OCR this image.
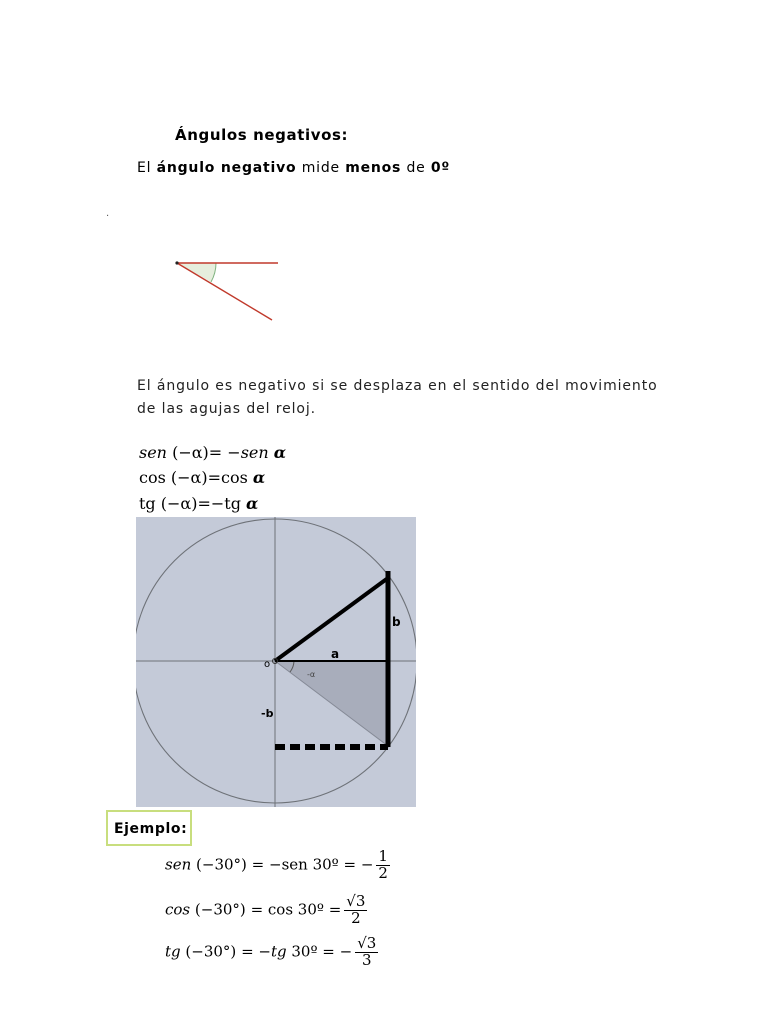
Ángulos negativos:
El ángulo negativo mide menos de 0º
.
El ángulo es negativo si se desplaza en el sentido del movimiento
de las agujas del reloj.
sen (−α)= −sen α
cos (−α)=cos α
tg (−α)=−tg α
b
a
-b
o
-α
Ejemplo:
sen (−30°) = −sen 30º = − $\frac{1}{2}$
cos (−30°) = cos 30º = $\frac{√3}{2}$
tg (−30°) = −tg 30º = − $\frac{√3}{3}$
